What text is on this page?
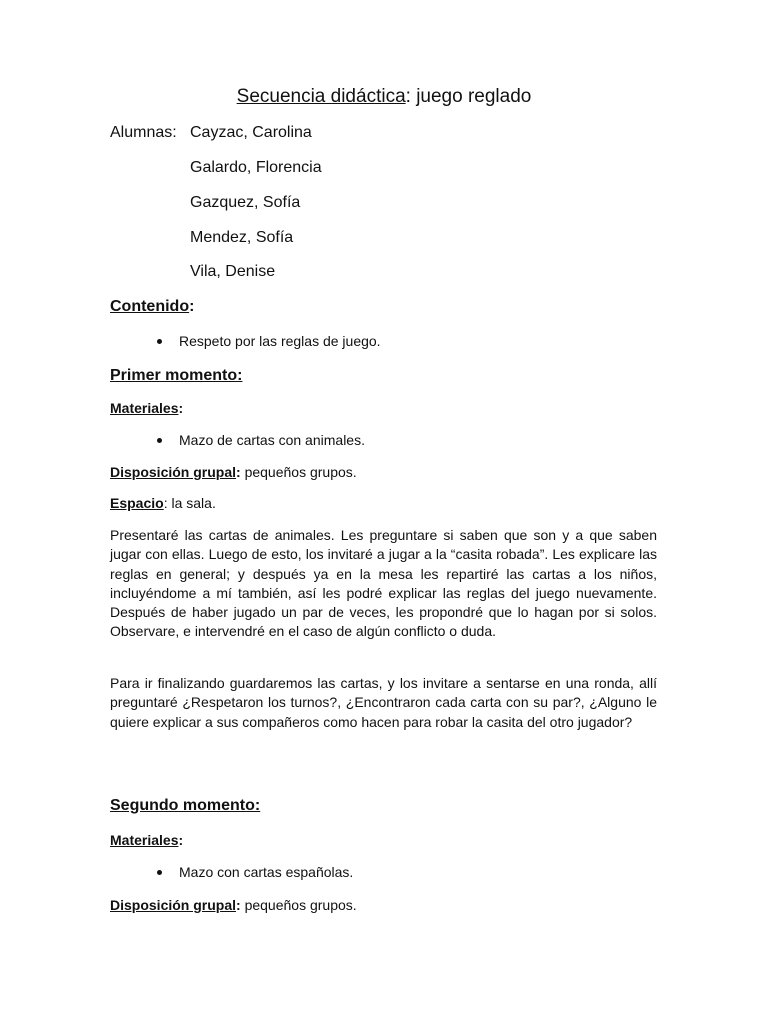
Secuencia didáctica: juego reglado
Alumnas: Cayzac, Carolina
Galardo, Florencia
Gazquez, Sofía
Mendez, Sofía
Vila, Denise
Contenido:
Respeto por las reglas de juego.
Primer momento:
Materiales:
Mazo de cartas con animales.
Disposición grupal: pequeños grupos.
Espacio: la sala.
Presentaré las cartas de animales. Les preguntare si saben que son y a que saben jugar con ellas. Luego de esto, los invitaré a jugar a la “casita robada”. Les explicare las reglas en general; y después ya en la mesa les repartiré las cartas a los niños, incluyéndome a mí también, así les podré explicar las reglas del juego nuevamente. Después de haber jugado un par de veces, les propondré que lo hagan por si solos. Observare, e intervendré en el caso de algún conflicto o duda.
Para ir finalizando guardaremos las cartas, y los invitare a sentarse en una ronda, allí preguntaré ¿Respetaron los turnos?, ¿Encontraron cada carta con su par?, ¿Alguno le quiere explicar a sus compañeros como hacen para robar la casita del otro jugador?
Segundo momento:
Materiales:
Mazo con cartas españolas.
Disposición grupal: pequeños grupos.
